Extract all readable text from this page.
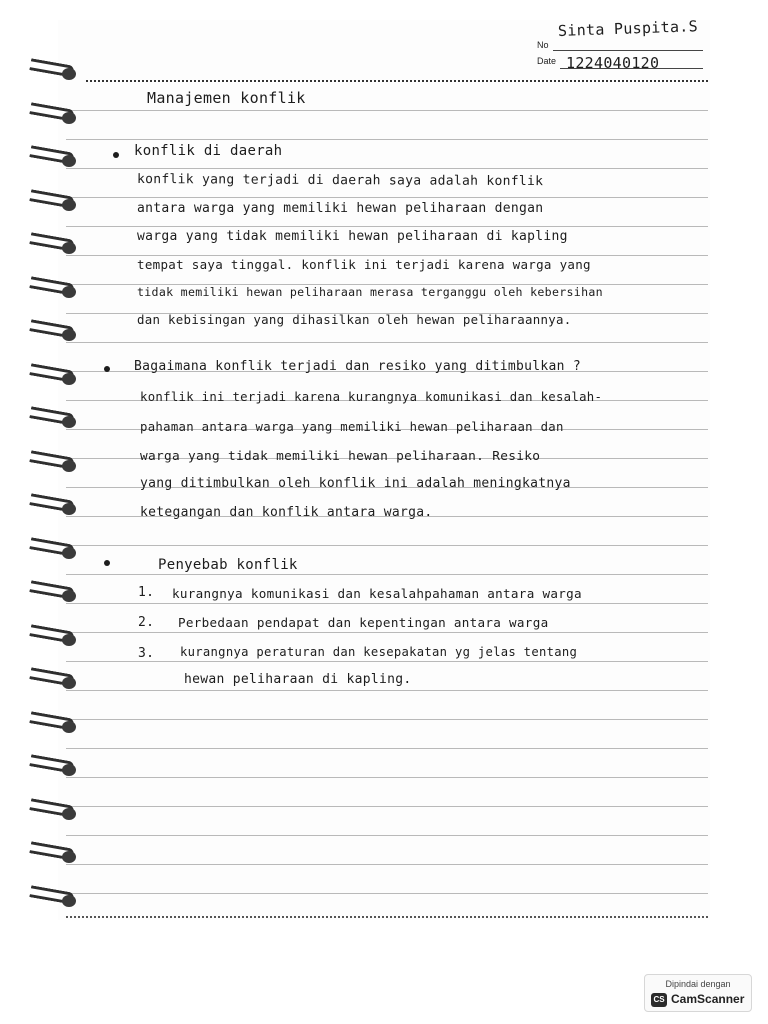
No
Date
Sinta Puspita.S
1224040120
Manajemen konflik
konflik di daerah
konflik yang terjadi di daerah saya adalah konflik
antara warga yang memiliki hewan peliharaan dengan
warga yang tidak memiliki hewan peliharaan di kapling
tempat saya tinggal. konflik ini terjadi karena warga yang
tidak memiliki hewan peliharaan merasa terganggu oleh kebersihan
dan kebisingan yang dihasilkan oleh hewan peliharaannya.
Bagaimana konflik terjadi dan resiko yang ditimbulkan ?
konflik ini terjadi karena kurangnya komunikasi dan kesalah-
pahaman antara warga yang memiliki hewan peliharaan dan
warga yang tidak memiliki hewan peliharaan. Resiko
yang ditimbulkan oleh konflik ini adalah meningkatnya
ketegangan dan konflik antara warga.
Penyebab konflik
1. kurangnya komunikasi dan kesalahpahaman antara warga
2. Perbedaan pendapat dan kepentingan antara warga
3. kurangnya peraturan dan kesepakatan yg jelas tentang
hewan peliharaan di kapling.
Dipindai dengan
CS CamScanner
